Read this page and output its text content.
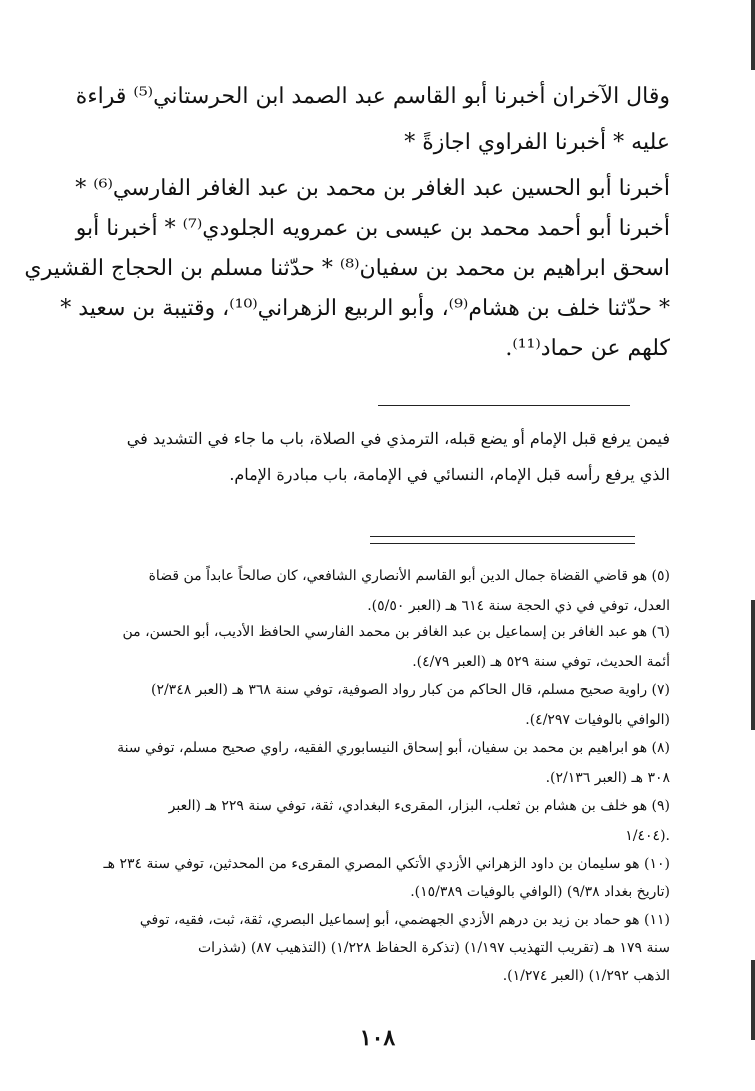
وقال الآخران أخبرنا أبو القاسم عبد الصمد ابن الحرستاني⁽⁵⁾ قراءة
عليه * أخبرنا الفراوي اجازةً *
أخبرنا أبو الحسين عبد الغافر بن محمد بن عبد الغافر الفارسي⁽⁶⁾ *
أخبرنا أبو أحمد محمد بن عيسى بن عمرويه الجلودي⁽⁷⁾ * أخبرنا أبو
اسحق ابراهيم بن محمد بن سفيان⁽⁸⁾ * حدّثنا مسلم بن الحجاج القشيري
* حدّثنا خلف بن هشام⁽⁹⁾، وأبو الربيع الزهراني⁽¹⁰⁾، وقتيبة بن سعيد *
كلهم عن حماد⁽¹¹⁾.
فيمن يرفع قبل الإمام أو يضع قبله، الترمذي في الصلاة، باب ما جاء في التشديد في
الذي يرفع رأسه قبل الإمام، النسائي في الإمامة، باب مبادرة الإمام.
(٥) هو قاضي القضاة جمال الدين أبو القاسم الأنصاري الشافعي، كان صالحاً عابداً من قضاة
العدل، توفي في ذي الحجة سنة ٦١٤ هـ (العبر ٥/٥٠).
(٦) هو عبد الغافر بن إسماعيل بن عبد الغافر بن محمد الفارسي الحافظ الأديب، أبو الحسن، من
أئمة الحديث، توفي سنة ٥٢٩ هـ (العبر ٤/٧٩).
(٧) راوية صحيح مسلم، قال الحاكم من كبار رواد الصوفية، توفي سنة ٣٦٨ هـ (العبر ٢/٣٤٨)
(الوافي بالوفيات ٤/٢٩٧).
(٨) هو ابراهيم بن محمد بن سفيان، أبو إسحاق النيسابوري الفقيه، راوي صحيح مسلم، توفي سنة
٣٠٨ هـ (العبر ٢/١٣٦).
(٩) هو خلف بن هشام بن ثعلب، البزار، المقرىء البغدادي، ثقة، توفي سنة ٢٢٩ هـ (العبر
١/٤٠٤).
(١٠) هو سليمان بن داود الزهراني الأزدي الأتكي المصري المقرىء من المحدثين، توفي سنة ٢٣٤ هـ
(تاريخ بغداد ٩/٣٨) (الوافي بالوفيات ١٥/٣٨٩).
(١١) هو حماد بن زيد بن درهم الأزدي الجهضمي، أبو إسماعيل البصري، ثقة، ثبت، فقيه، توفي
سنة ١٧٩ هـ (تقريب التهذيب ١/١٩٧) (تذكرة الحفاظ ١/٢٢٨) (التذهيب ٨٧) (شذرات
الذهب ١/٢٩٢) (العبر ١/٢٧٤).
١٠٨
